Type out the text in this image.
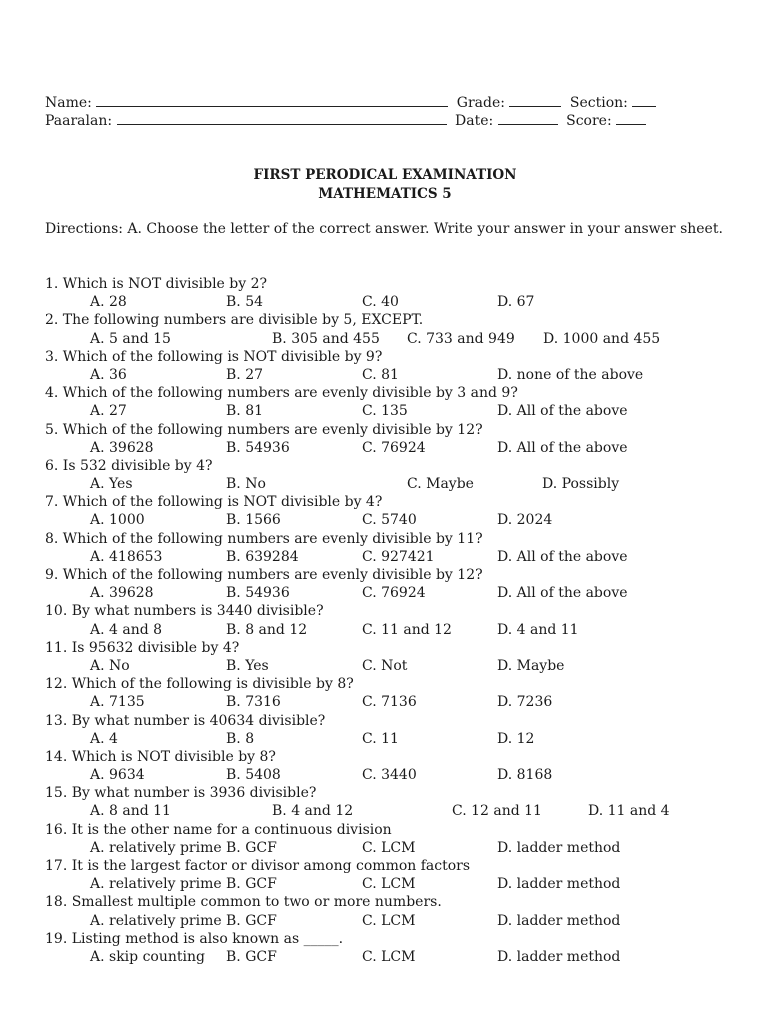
Name:	Grade:	Section:
Paaralan:	Date:	Score:
FIRST PERODICAL EXAMINATION
MATHEMATICS 5
Directions: A. Choose the letter of the correct answer. Write your answer in your answer sheet.
1. Which is NOT divisible by 2?
A. 28	B. 54	C. 40	D. 67
2. The following numbers are divisible by 5, EXCEPT.
A. 5 and 15	B. 305 and 455 C. 733 and 949 D. 1000 and 455
3. Which of the following is NOT divisible by 9?
A. 36	B. 27	C. 81	D. none of the above
4. Which of the following numbers are evenly divisible by 3 and 9?
A. 27	B. 81	C. 135	D. All of the above
5. Which of the following numbers are evenly divisible by 12?
A. 39628	B. 54936	C. 76924	D. All of the above
6. Is 532 divisible by 4?
A. Yes	B. No	C. Maybe	D. Possibly
7. Which of the following is NOT divisible by 4?
A. 1000	B. 1566	C. 5740	D. 2024
8. Which of the following numbers are evenly divisible by 11?
A. 418653	B. 639284	C. 927421	D. All of the above
9. Which of the following numbers are evenly divisible by 12?
A. 39628	B. 54936	C. 76924	D. All of the above
10. By what numbers is 3440 divisible?
A. 4 and 8	B. 8 and 12	C. 11 and 12	D. 4 and 11
11. Is 95632 divisible by 4?
A. No	B. Yes	C. Not	D. Maybe
12. Which of the following is divisible by 8?
A. 7135	B. 7316	C. 7136	D. 7236
13. By what number is 40634 divisible?
A. 4	B. 8	C. 11	D. 12
14. Which is NOT divisible by 8?
A. 9634	B. 5408	C. 3440	D. 8168
15. By what number is 3936 divisible?
A. 8 and 11	B. 4 and 12	C. 12 and 11	D. 11 and 4
16. It is the other name for a continuous division
A. relatively prime B. GCF	C. LCM	D. ladder method
17. It is the largest factor or divisor among common factors
A. relatively prime B. GCF	C. LCM	D. ladder method
18. Smallest multiple common to two or more numbers.
A. relatively prime B. GCF	C. LCM	D. ladder method
19. Listing method is also known as _____.
A. skip counting B. GCF	C. LCM	D. ladder method
